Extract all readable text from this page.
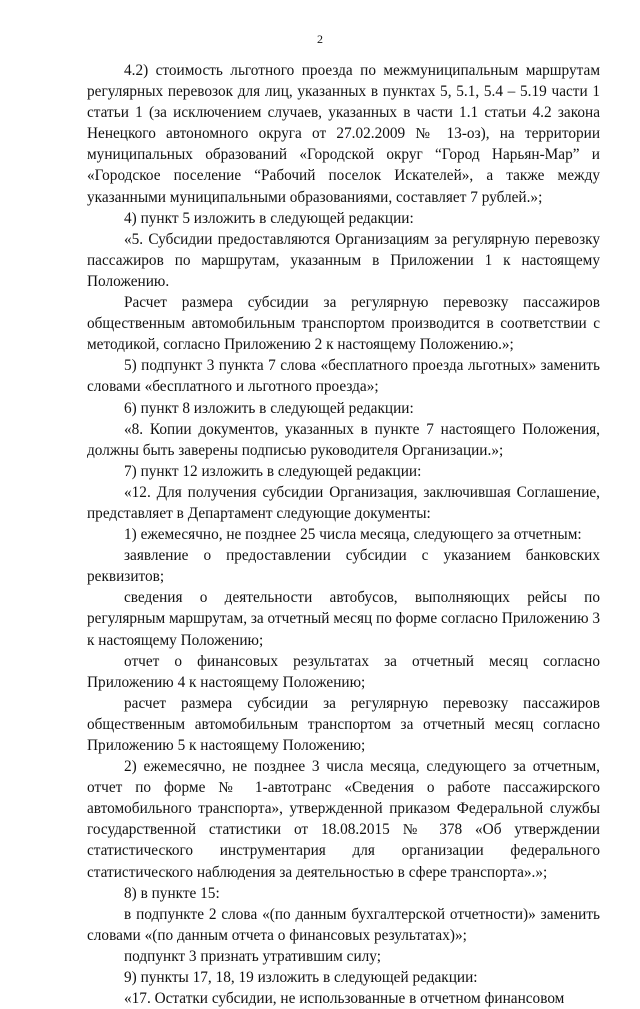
2

4.2) стоимость льготного проезда по межмуниципальным маршрутам регулярных перевозок для лиц, указанных в пунктах 5, 5.1, 5.4 – 5.19 части 1 статьи 1 (за исключением случаев, указанных в части 1.1 статьи 4.2 закона Ненецкого автономного округа от 27.02.2009 № 13-оз), на территории муниципальных образований «Городской округ “Город Нарьян-Мар” и «Городское поселение “Рабочий поселок Искателей», а также между указанными муниципальными образованиями, составляет 7 рублей.»;

4) пункт 5 изложить в следующей редакции:

«5. Субсидии предоставляются Организациям за регулярную перевозку пассажиров по маршрутам, указанным в Приложении 1 к настоящему Положению.

Расчет размера субсидии за регулярную перевозку пассажиров общественным автомобильным транспортом производится в соответствии с методикой, согласно Приложению 2 к настоящему Положению.»;

5) подпункт 3 пункта 7 слова «бесплатного проезда льготных» заменить словами «бесплатного и льготного проезда»;

6) пункт 8 изложить в следующей редакции:

«8. Копии документов, указанных в пункте 7 настоящего Положения, должны быть заверены подписью руководителя Организации.»;

7) пункт 12 изложить в следующей редакции:

«12. Для получения субсидии Организация, заключившая Соглашение, представляет в Департамент следующие документы:

1) ежемесячно, не позднее 25 числа месяца, следующего за отчетным:

заявление о предоставлении субсидии с указанием банковских реквизитов;

сведения о деятельности автобусов, выполняющих рейсы по регулярным маршрутам, за отчетный месяц по форме согласно Приложению 3 к настоящему Положению;

отчет о финансовых результатах за отчетный месяц согласно Приложению 4 к настоящему Положению;

расчет размера субсидии за регулярную перевозку пассажиров общественным автомобильным транспортом за отчетный месяц согласно Приложению 5 к настоящему Положению;

2) ежемесячно, не позднее 3 числа месяца, следующего за отчетным, отчет по форме № 1-автотранс «Сведения о работе пассажирского автомобильного транспорта», утвержденной приказом Федеральной службы государственной статистики от 18.08.2015 № 378 «Об утверждении статистического инструментария для организации федерального статистического наблюдения за деятельностью в сфере транспорта».»;

8) в пункте 15:

в подпункте 2 слова «(по данным бухгалтерской отчетности)» заменить словами «(по данным отчета о финансовых результатах)»;

подпункт 3 признать утратившим силу;

9) пункты 17, 18, 19 изложить в следующей редакции:

«17. Остатки субсидии, не использованные в отчетном финансовом
